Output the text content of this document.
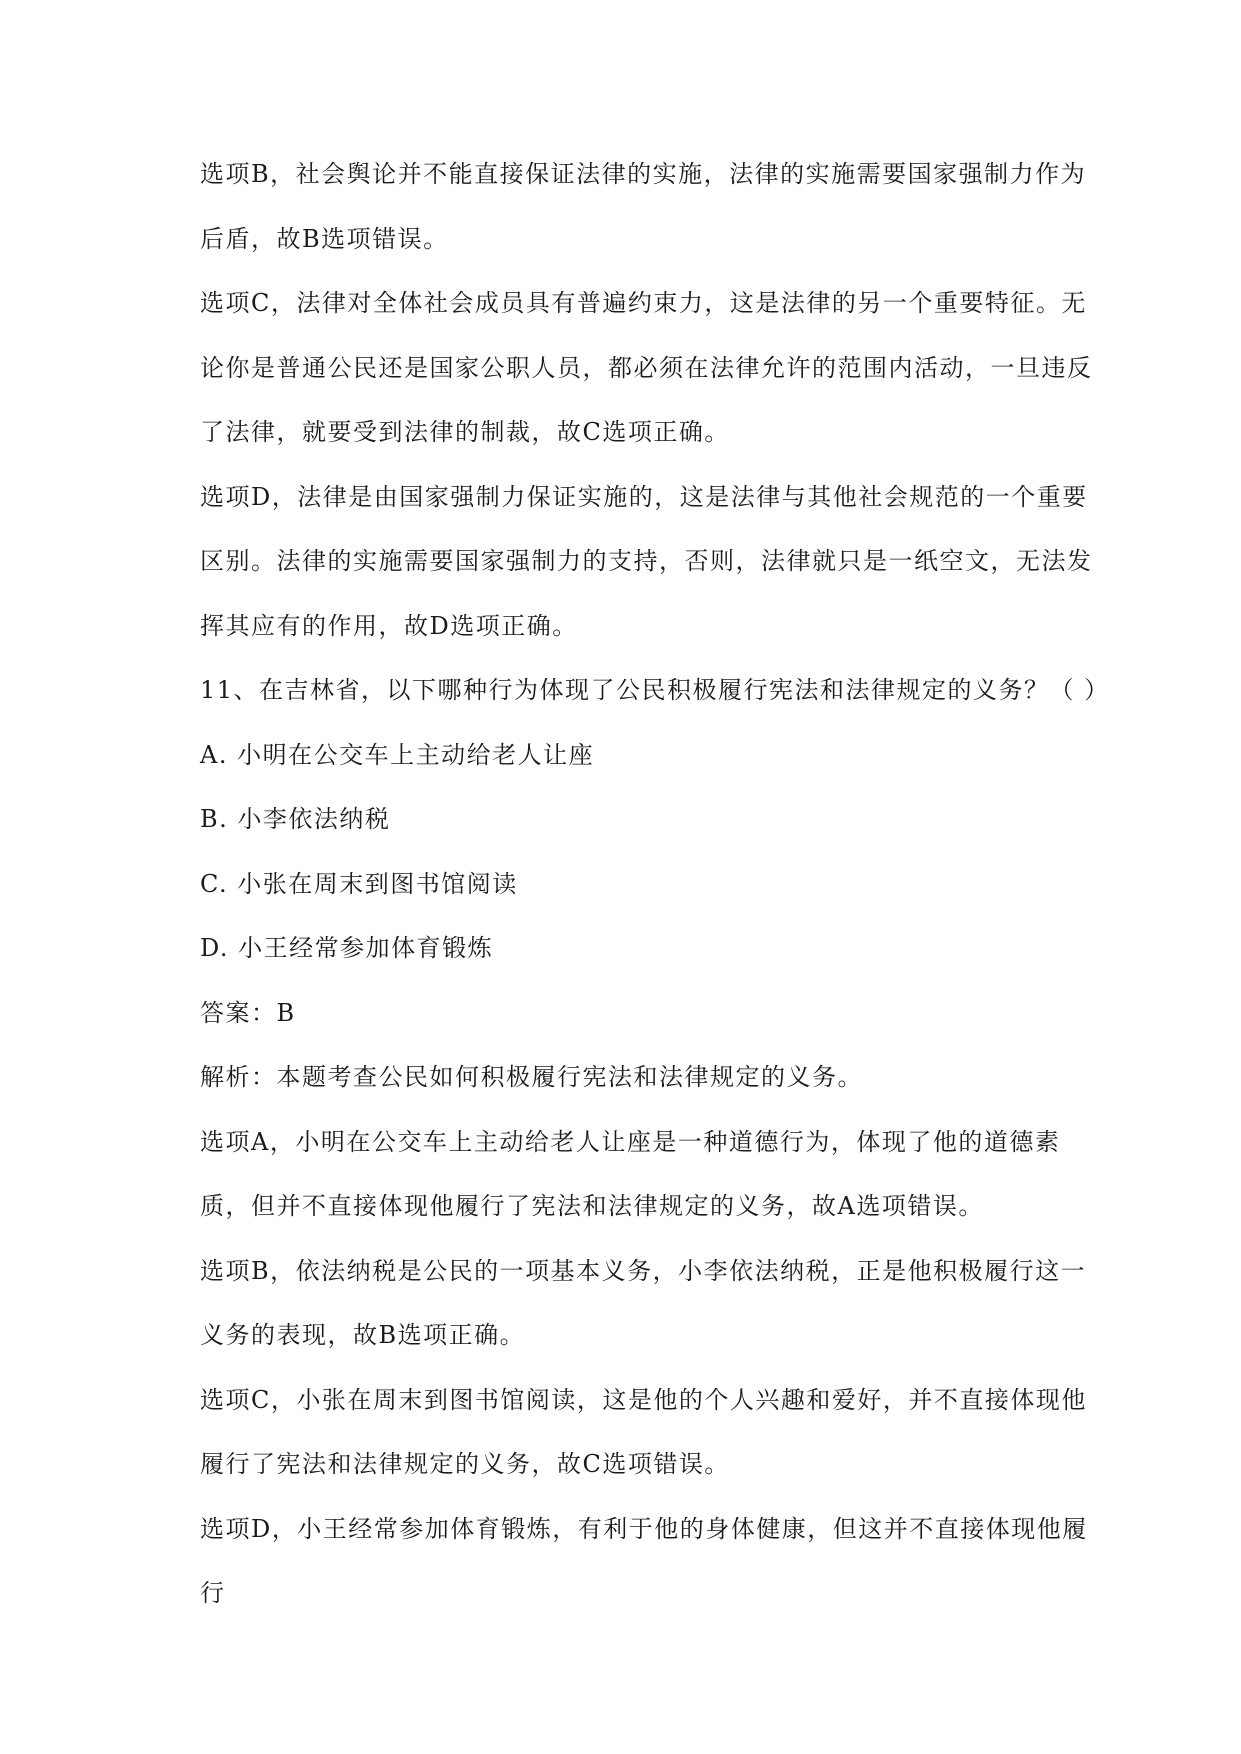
选项B，社会舆论并不能直接保证法律的实施，法律的实施需要国家强制力作为后盾，故B选项错误。

选项C，法律对全体社会成员具有普遍约束力，这是法律的另一个重要特征。无论你是普通公民还是国家公职人员，都必须在法律允许的范围内活动，一旦违反了法律，就要受到法律的制裁，故C选项正确。

选项D，法律是由国家强制力保证实施的，这是法律与其他社会规范的一个重要区别。法律的实施需要国家强制力的支持，否则，法律就只是一纸空文，无法发挥其应有的作用，故D选项正确。

11、在吉林省，以下哪种行为体现了公民积极履行宪法和法律规定的义务？（ ）

A. 小明在公交车上主动给老人让座

B. 小李依法纳税

C. 小张在周末到图书馆阅读

D. 小王经常参加体育锻炼

答案：B

解析：本题考查公民如何积极履行宪法和法律规定的义务。

选项A，小明在公交车上主动给老人让座是一种道德行为，体现了他的道德素质，但并不直接体现他履行了宪法和法律规定的义务，故A选项错误。

选项B，依法纳税是公民的一项基本义务，小李依法纳税，正是他积极履行这一义务的表现，故B选项正确。

选项C，小张在周末到图书馆阅读，这是他的个人兴趣和爱好，并不直接体现他履行了宪法和法律规定的义务，故C选项错误。

选项D，小王经常参加体育锻炼，有利于他的身体健康，但这并不直接体现他履行
